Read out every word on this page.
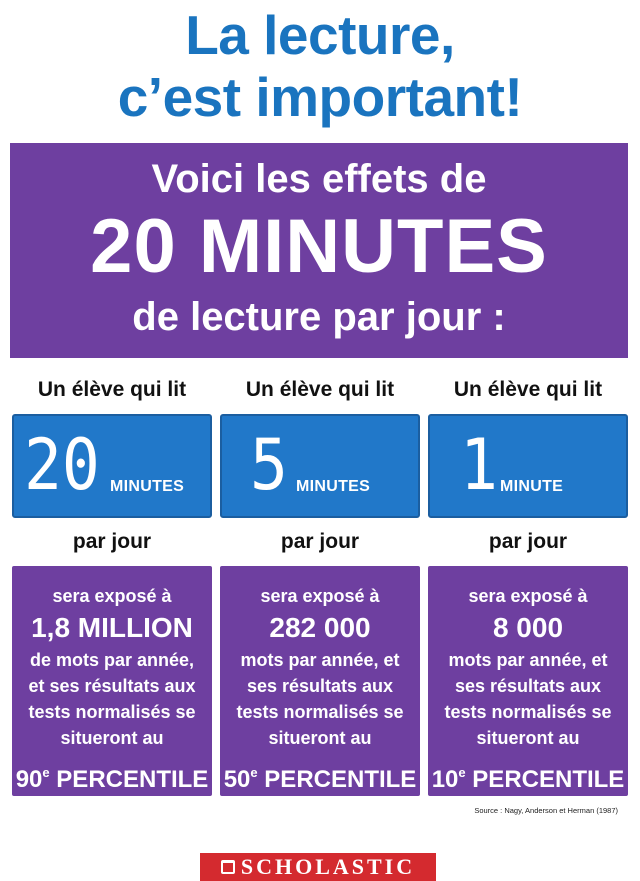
La lecture,
c’est important!
Voici les effets de
20 MINUTES
de lecture par jour :
Un élève qui lit
20 MINUTES
par jour
sera exposé à
1,8 MILLION
de mots par année,
et ses résultats aux
tests normalisés se
situeront au
90e PERCENTILE
Un élève qui lit
5 MINUTES
par jour
sera exposé à
282 000
mots par année, et
ses résultats aux
tests normalisés se
situeront au
50e PERCENTILE
Un élève qui lit
1 MINUTE
par jour
sera exposé à
8 000
mots par année, et
ses résultats aux
tests normalisés se
situeront au
10e PERCENTILE
Source : Nagy, Anderson et Herman (1987)
SCHOLASTIC
